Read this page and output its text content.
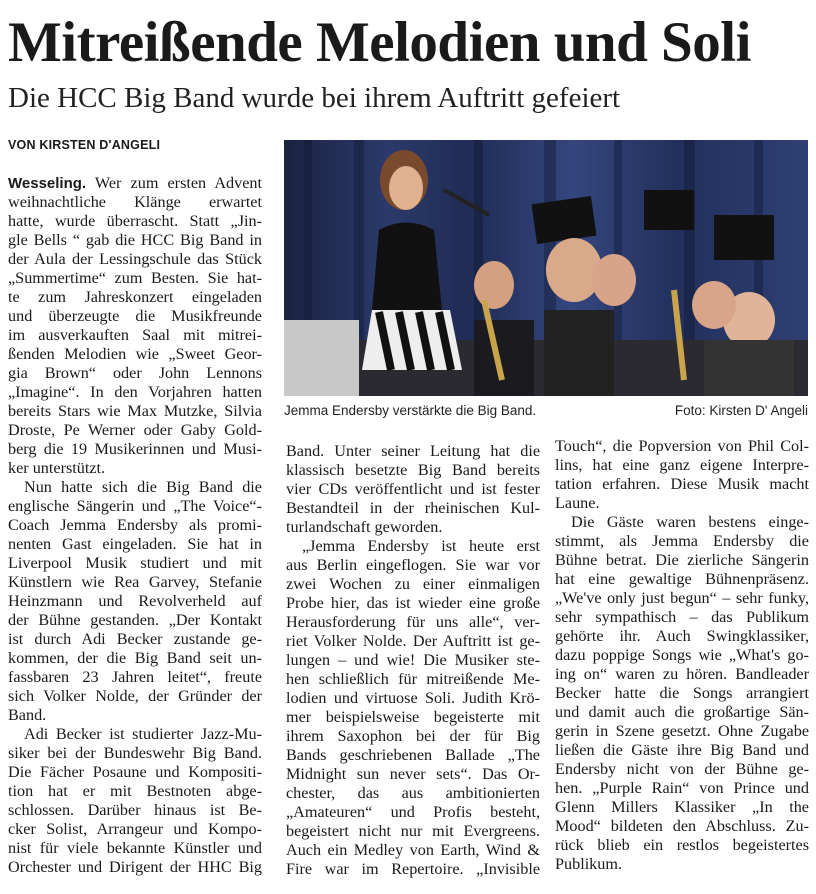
Mitreißende Melodien und Soli
Die HCC Big Band wurde bei ihrem Auftritt gefeiert
VON KIRSTEN D'ANGELI
Jemma Endersby verstärkte die Big Band.	Foto: Kirsten D' Angeli
Wesseling. Wer zum ersten Advent
weihnachtliche Klänge erwartet
hatte, wurde überrascht. Statt „Jin-
gle Bells “ gab die HCC Big Band in
der Aula der Lessingschule das Stück
„Summertime“ zum Besten. Sie hat-
te zum Jahreskonzert eingeladen
und überzeugte die Musikfreunde
im ausverkauften Saal mit mitrei-
ßenden Melodien wie „Sweet Geor-
gia Brown“ oder John Lennons
„Imagine“. In den Vorjahren hatten
bereits Stars wie Max Mutzke, Silvia
Droste, Pe Werner oder Gaby Gold-
berg die 19 Musikerinnen und Musi-
ker unterstützt.
Nun hatte sich die Big Band die
englische Sängerin und „The Voice“-
Coach Jemma Endersby als promi-
nenten Gast eingeladen. Sie hat in
Liverpool Musik studiert und mit
Künstlern wie Rea Garvey, Stefanie
Heinzmann und Revolverheld auf
der Bühne gestanden. „Der Kontakt
ist durch Adi Becker zustande ge-
kommen, der die Big Band seit un-
fassbaren 23 Jahren leitet“, freute
sich Volker Nolde, der Gründer der
Band.
Adi Becker ist studierter Jazz-Mu-
siker bei der Bundeswehr Big Band.
Die Fächer Posaune und Kompositi-
tion hat er mit Bestnoten abge-
schlossen. Darüber hinaus ist Be-
cker Solist, Arrangeur und Kompo-
nist für viele bekannte Künstler und
Orchester und Dirigent der HHC Big
Band. Unter seiner Leitung hat die
klassisch besetzte Big Band bereits
vier CDs veröffentlicht und ist fester
Bestandteil in der rheinischen Kul-
turlandschaft geworden.
„Jemma Endersby ist heute erst
aus Berlin eingeflogen. Sie war vor
zwei Wochen zu einer einmaligen
Probe hier, das ist wieder eine große
Herausforderung für uns alle“, ver-
riet Volker Nolde. Der Auftritt ist ge-
lungen – und wie! Die Musiker ste-
hen schließlich für mitreißende Me-
lodien und virtuose Soli. Judith Krö-
mer beispielsweise begeisterte mit
ihrem Saxophon bei der für Big
Bands geschriebenen Ballade „The
Midnight sun never sets“. Das Or-
chester, das aus ambitionierten
„Amateuren“ und Profis besteht,
begeistert nicht nur mit Evergreens.
Auch ein Medley von Earth, Wind &
Fire war im Repertoire. „Invisible
Touch“, die Popversion von Phil Col-
lins, hat eine ganz eigene Interpre-
tation erfahren. Diese Musik macht
Laune.
Die Gäste waren bestens einge-
stimmt, als Jemma Endersby die
Bühne betrat. Die zierliche Sängerin
hat eine gewaltige Bühnenpräsenz.
„We've only just begun“ – sehr funky,
sehr sympathisch – das Publikum
gehörte ihr. Auch Swingklassiker,
dazu poppige Songs wie „What's go-
ing on“ waren zu hören. Bandleader
Becker hatte die Songs arrangiert
und damit auch die großartige Sän-
gerin in Szene gesetzt. Ohne Zugabe
ließen die Gäste ihre Big Band und
Endersby nicht von der Bühne ge-
hen. „Purple Rain“ von Prince und
Glenn Millers Klassiker „In the
Mood“ bildeten den Abschluss. Zu-
rück blieb ein restlos begeistertes
Publikum.
